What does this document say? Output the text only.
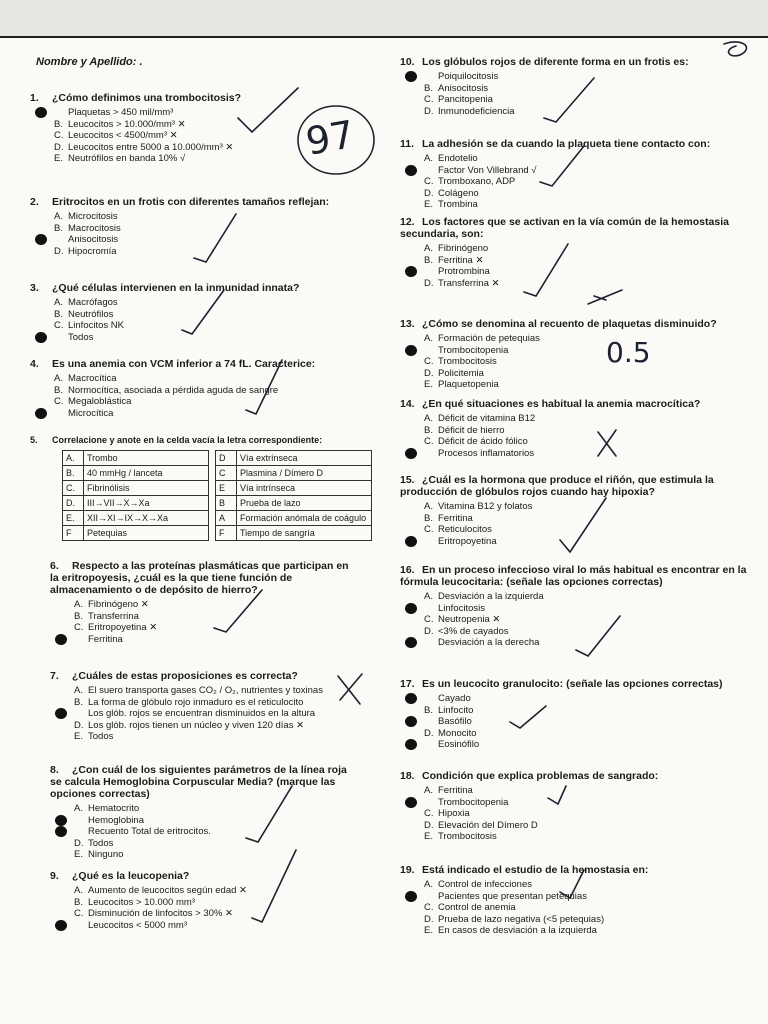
Nombre y Apellido: .
1. ¿Cómo definimos una trombocitosis?
Plaquetas > 450 mil/mm³
B. Leucocitos > 10.000/mm³ ✕
C. Leucocitos < 4500/mm³ ✕
D. Leucocitos entre 5000 a 10.000/mm³ ✕
E. Neutrófilos en banda 10% √
2. Eritrocitos en un frotis con diferentes tamaños reflejan:
A. Microcitosis
B. Macrocitosis
Anisocitosis
D. Hipocromía
3. ¿Qué células intervienen en la inmunidad innata?
A. Macrófagos
B. Neutrófilos
C. Linfocitos NK
Todos
4. Es una anemia con VCM inferior a 74 fL. Caracterice:
A. Macrocítica
B. Normocítica, asociada a pérdida aguda de sangre
C. Megaloblástica
Microcítica
5. Correlacione y anote en la celda vacía la letra correspondiente:
A.	Trombo
B.	40 mmHg / lanceta
C.	Fibrinólisis
D.	III→VII→X→Xa
E.	XII→XI→IX→X→Xa
F	Petequias
D	Vía extrínseca
C	Plasmina / Dímero D
E	Vía intrínseca
B	Prueba de lazo
A	Formación anómala de coágulo
F	Tiempo de sangría
6. Respecto a las proteínas plasmáticas que participan en la eritropoyesis, ¿cuál es la que tiene función de almacenamiento o de depósito de hierro?
A. Fibrinógeno ✕
B. Transferrina
C. Eritropoyetina ✕
Ferritina
7. ¿Cuáles de estas proposiciones es correcta?
A. El suero transporta gases CO₂ / O₂, nutrientes y toxinas
B. La forma de glóbulo rojo inmaduro es el reticulocito
Los glób. rojos se encuentran disminuidos en la altura
D. Los glób. rojos tienen un núcleo y viven 120 días ✕
E. Todos
8. ¿Con cuál de los siguientes parámetros de la línea roja se calcula Hemoglobina Corpuscular Media? (marque las opciones correctas)
A. Hematocrito
Hemoglobina
Recuento Total de eritrocitos.
D. Todos
E. Ninguno
9. ¿Qué es la leucopenia?
A. Aumento de leucocitos según edad ✕
B. Leucocitos > 10.000 mm³
C. Disminución de linfocitos > 30% ✕
Leucocitos < 5000 mm³
10. Los glóbulos rojos de diferente forma en un frotis es:
Poiquilocitosis
B. Anisocitosis
C. Pancitopenia
D. Inmunodeficiencia
11. La adhesión se da cuando la plaqueta tiene contacto con:
A. Endotelio
Factor Von Villebrand √
C. Tromboxano, ADP
D. Colágeno
E. Trombina
12. Los factores que se activan en la vía común de la hemostasia secundaria, son:
A. Fibrinógeno
B. Ferritina ✕
Protrombina
D. Transferrina ✕
13. ¿Cómo se denomina al recuento de plaquetas disminuido?
A. Formación de petequias
Trombocitopenia
C. Trombocitosis
D. Policitemia
E. Plaquetopenia
14. ¿En qué situaciones es habitual la anemia macrocítica?
A. Déficit de vitamina B12
B. Déficit de hierro
C. Déficit de ácido fólico
Procesos inflamatorios
15. ¿Cuál es la hormona que produce el riñón, que estimula la producción de glóbulos rojos cuando hay hipoxia?
A. Vitamina B12 y folatos
B. Ferritina
C. Reticulocitos
Eritropoyetina
16. En un proceso infeccioso viral lo más habitual es encontrar en la fórmula leucocitaria: (señale las opciones correctas)
A. Desviación a la izquierda
Linfocitosis
C. Neutropenia ✕
D. <3% de cayados
Desviación a la derecha
17. Es un leucocito granulocito: (señale las opciones correctas)
Cayado
B. Linfocito
Basófilo
D. Monocito
Eosinófilo
18. Condición que explica problemas de sangrado:
A. Ferritina
Trombocitopenia
C. Hipoxia
D. Elevación del Dímero D
E. Trombocitosis
19. Está indicado el estudio de la hemostasia en:
A. Control de infecciones
Pacientes que presentan petequias
C. Control de anemia
D. Prueba de lazo negativa (<5 petequias)
E. En casos de desviación a la izquierda
97
0.5
